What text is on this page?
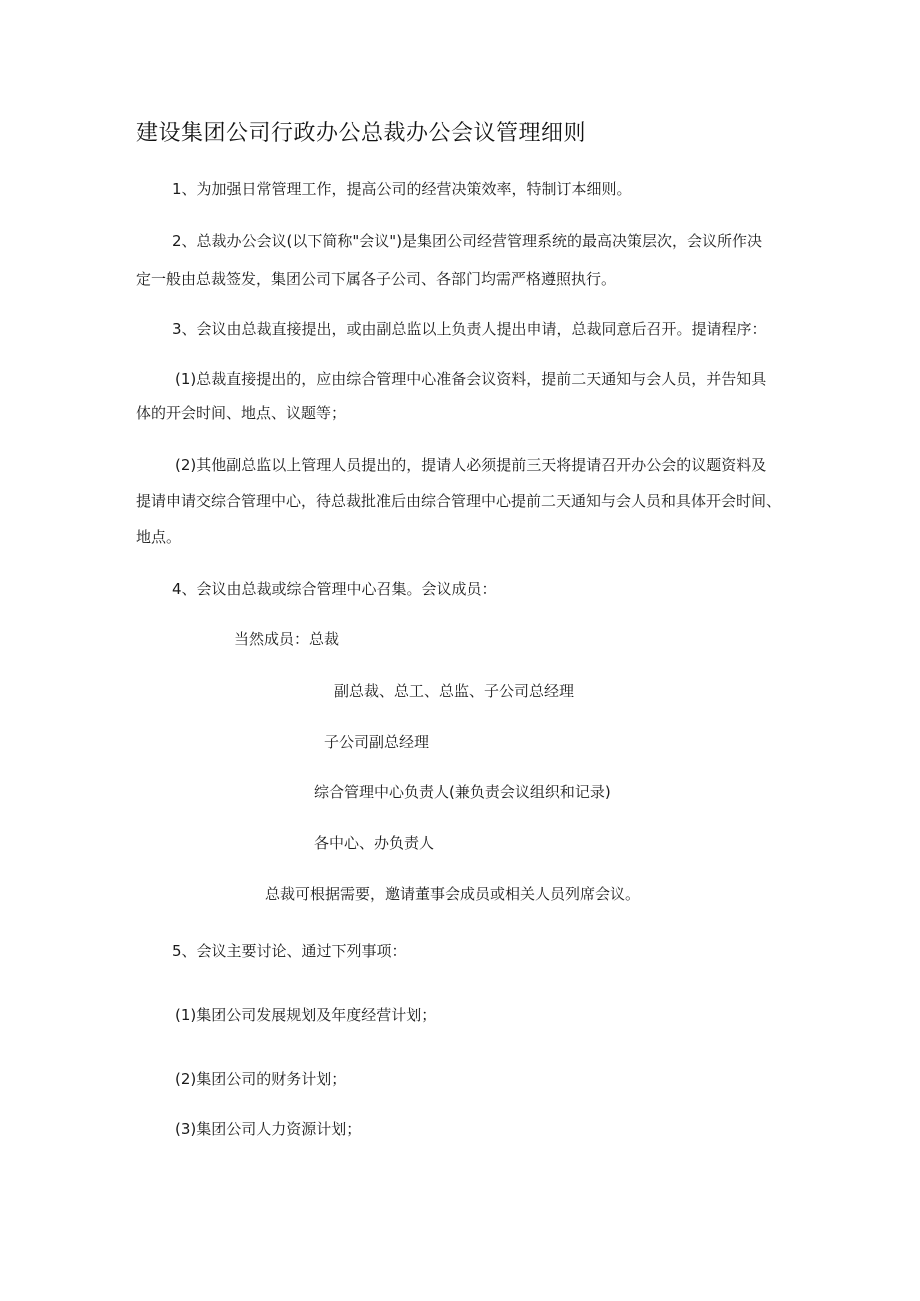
建设集团公司行政办公总裁办公会议管理细则
1、为加强日常管理工作，提高公司的经营决策效率，特制订本细则。
2、总裁办公会议(以下简称"会议")是集团公司经营管理系统的最高决策层次，会议所作决
定一般由总裁签发，集团公司下属各子公司、各部门均需严格遵照执行。
3、会议由总裁直接提出，或由副总监以上负责人提出申请，总裁同意后召开。提请程序：
(1)总裁直接提出的，应由综合管理中心准备会议资料，提前二天通知与会人员，并告知具
体的开会时间、地点、议题等；
(2)其他副总监以上管理人员提出的，提请人必须提前三天将提请召开办公会的议题资料及
提请申请交综合管理中心，待总裁批准后由综合管理中心提前二天通知与会人员和具体开会时间、
地点。
4、会议由总裁或综合管理中心召集。会议成员：
当然成员：总裁
副总裁、总工、总监、子公司总经理
子公司副总经理
综合管理中心负责人(兼负责会议组织和记录)
各中心、办负责人
总裁可根据需要，邀请董事会成员或相关人员列席会议。
5、会议主要讨论、通过下列事项：
(1)集团公司发展规划及年度经营计划；
(2)集团公司的财务计划；
(3)集团公司人力资源计划；
